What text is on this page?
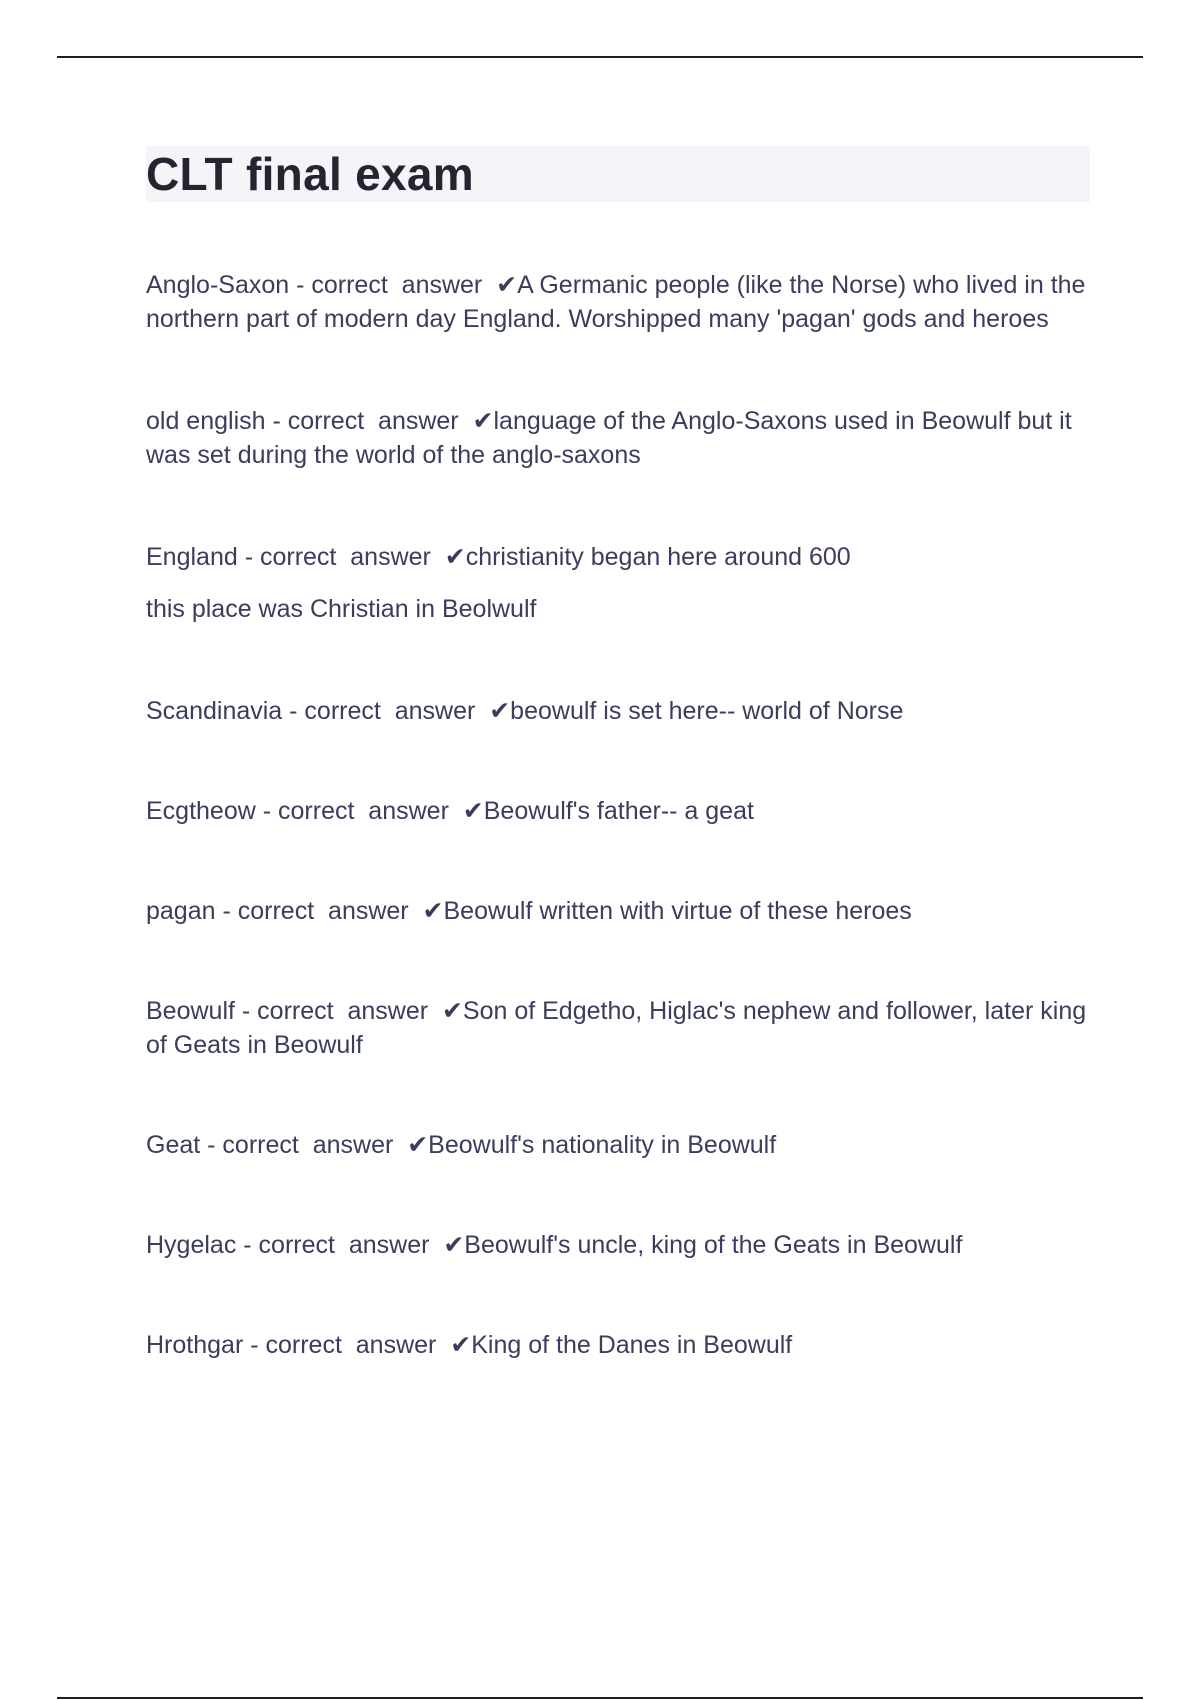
CLT final exam

Anglo-Saxon - correct  answer  ✔A Germanic people (like the Norse) who lived in the northern part of modern day England. Worshipped many 'pagan' gods and heroes

old english - correct  answer  ✔language of the Anglo-Saxons used in Beowulf but it was set during the world of the anglo-saxons

England - correct  answer  ✔christianity began here around 600

this place was Christian in Beolwulf

Scandinavia - correct  answer  ✔beowulf is set here-- world of Norse

Ecgtheow - correct  answer  ✔Beowulf's father-- a geat

pagan - correct  answer  ✔Beowulf written with virtue of these heroes

Beowulf - correct  answer  ✔Son of Edgetho, Higlac's nephew and follower, later king of Geats in Beowulf

Geat - correct  answer  ✔Beowulf's nationality in Beowulf

Hygelac - correct  answer  ✔Beowulf's uncle, king of the Geats in Beowulf

Hrothgar - correct  answer  ✔King of the Danes in Beowulf
